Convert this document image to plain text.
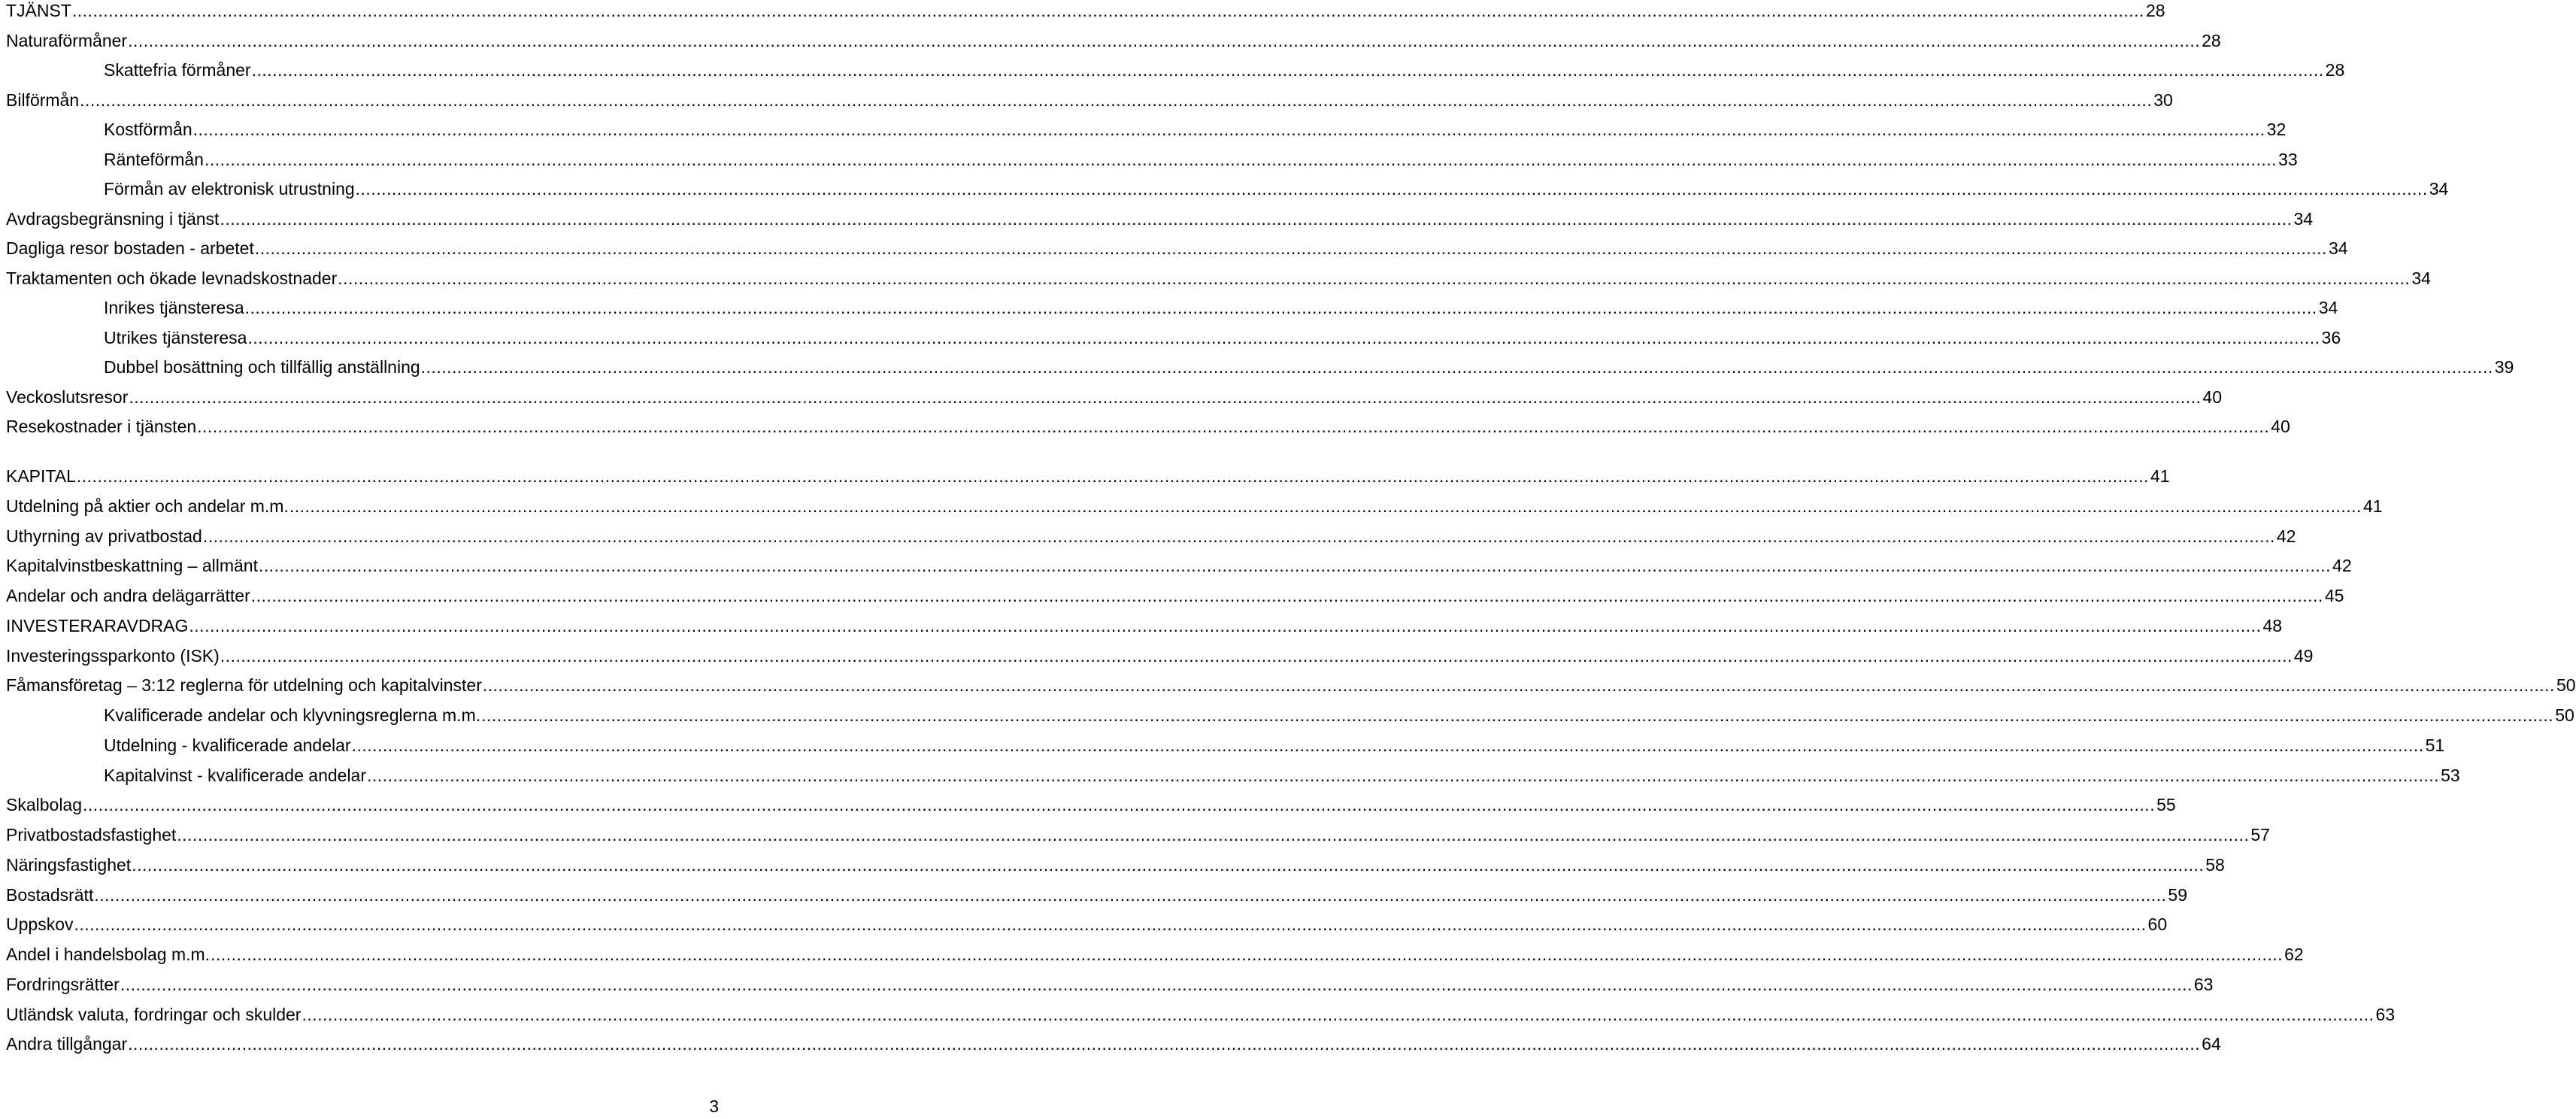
TJÄNST ................................................................................................................................................................................................................................................................................................................................................................................................................ 28
Naturaförmåner ................................................................................................................................................................................................................................................................................................................................................................................................................ 28
Skattefria förmåner ................................................................................................................................................................................................................................................................................................................................................................................................................ 28
Bilförmån ................................................................................................................................................................................................................................................................................................................................................................................................................ 30
Kostförmån ................................................................................................................................................................................................................................................................................................................................................................................................................ 32
Ränteförmån ................................................................................................................................................................................................................................................................................................................................................................................................................ 33
Förmån av elektronisk utrustning ................................................................................................................................................................................................................................................................................................................................................................................................................ 34
Avdragsbegränsning i tjänst ................................................................................................................................................................................................................................................................................................................................................................................................................ 34
Dagliga resor bostaden - arbetet ................................................................................................................................................................................................................................................................................................................................................................................................................ 34
Traktamenten och ökade levnadskostnader ................................................................................................................................................................................................................................................................................................................................................................................................................ 34
Inrikes tjänsteresa ................................................................................................................................................................................................................................................................................................................................................................................................................ 34
Utrikes tjänsteresa ................................................................................................................................................................................................................................................................................................................................................................................................................ 36
Dubbel bosättning och tillfällig anställning ................................................................................................................................................................................................................................................................................................................................................................................................................ 39
Veckoslutsresor ................................................................................................................................................................................................................................................................................................................................................................................................................ 40
Resekostnader i tjänsten ................................................................................................................................................................................................................................................................................................................................................................................................................ 40
KAPITAL ................................................................................................................................................................................................................................................................................................................................................................................................................ 41
Utdelning på aktier och andelar m.m. ................................................................................................................................................................................................................................................................................................................................................................................................................ 41
Uthyrning av privatbostad ................................................................................................................................................................................................................................................................................................................................................................................................................ 42
Kapitalvinstbeskattning – allmänt ................................................................................................................................................................................................................................................................................................................................................................................................................ 42
Andelar och andra delägarrätter ................................................................................................................................................................................................................................................................................................................................................................................................................ 45
INVESTERARAVDRAG ................................................................................................................................................................................................................................................................................................................................................................................................................ 48
Investeringssparkonto (ISK) ................................................................................................................................................................................................................................................................................................................................................................................................................ 49
Fåmansföretag – 3:12 reglerna för utdelning och kapitalvinster ................................................................................................................................................................................................................................................................................................................................................................................................................ 50
Kvalificerade andelar och klyvningsreglerna m.m. ................................................................................................................................................................................................................................................................................................................................................................................................................ 50
Utdelning - kvalificerade andelar ................................................................................................................................................................................................................................................................................................................................................................................................................ 51
Kapitalvinst - kvalificerade andelar ................................................................................................................................................................................................................................................................................................................................................................................................................ 53
Skalbolag ................................................................................................................................................................................................................................................................................................................................................................................................................ 55
Privatbostadsfastighet ................................................................................................................................................................................................................................................................................................................................................................................................................ 57
Näringsfastighet ................................................................................................................................................................................................................................................................................................................................................................................................................ 58
Bostadsrätt ................................................................................................................................................................................................................................................................................................................................................................................................................ 59
Uppskov ................................................................................................................................................................................................................................................................................................................................................................................................................ 60
Andel i handelsbolag m.m. ................................................................................................................................................................................................................................................................................................................................................................................................................ 62
Fordringsrätter ................................................................................................................................................................................................................................................................................................................................................................................................................ 63
Utländsk valuta, fordringar och skulder ................................................................................................................................................................................................................................................................................................................................................................................................................ 63
Andra tillgångar ................................................................................................................................................................................................................................................................................................................................................................................................................ 64
3
